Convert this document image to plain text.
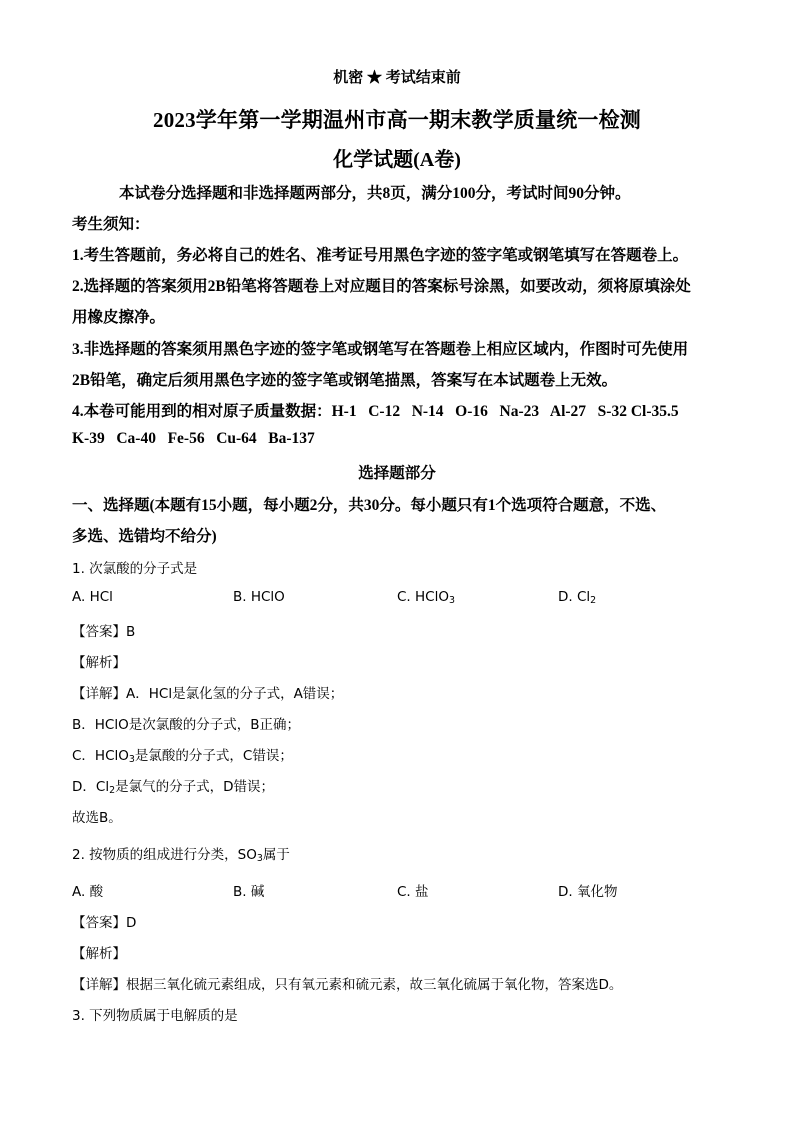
机密 ★ 考试结束前
2023学年第一学期温州市高一期末教学质量统一检测
化学试题(A卷)
本试卷分选择题和非选择题两部分，共8页，满分100分，考试时间90分钟。
考生须知：
1.考生答题前，务必将自己的姓名、准考证号用黑色字迹的签字笔或钢笔填写在答题卷上。
2.选择题的答案须用2B铅笔将答题卷上对应题目的答案标号涂黑，如要改动，须将原填涂处
用橡皮擦净。
3.非选择题的答案须用黑色字迹的签字笔或钢笔写在答题卷上相应区域内，作图时可先使用
2B铅笔，确定后须用黑色字迹的签字笔或钢笔描黑，答案写在本试题卷上无效。
4.本卷可能用到的相对原子质量数据：H-1   C-12   N-14   O-16   Na-23   Al-27   S-32 Cl-35.5
K-39   Ca-40   Fe-56   Cu-64   Ba-137
选择题部分
一、选择题(本题有15小题，每小题2分，共30分。每小题只有1个选项符合题意，不选、
多选、选错均不给分)
1. 次氯酸的分子式是
A. HCl	B. HClO	C. HClO$_3$	D. $Cl_2$
【答案】B
【解析】
【详解】A．HCl是氯化氢的分子式，A错误；
B．HClO是次氯酸的分子式，B正确；
C．HClO$_3$是氯酸的分子式，C错误；
D．$Cl_2$是氯气的分子式，D错误；
故选B。
2. 按物质的组成进行分类，$SO_3$属于
A. 酸	B. 碱	C. 盐	D. 氧化物
【答案】D
【解析】
【详解】根据三氧化硫元素组成，只有氧元素和硫元素，故三氧化硫属于氧化物，答案选D。
3. 下列物质属于电解质的是
